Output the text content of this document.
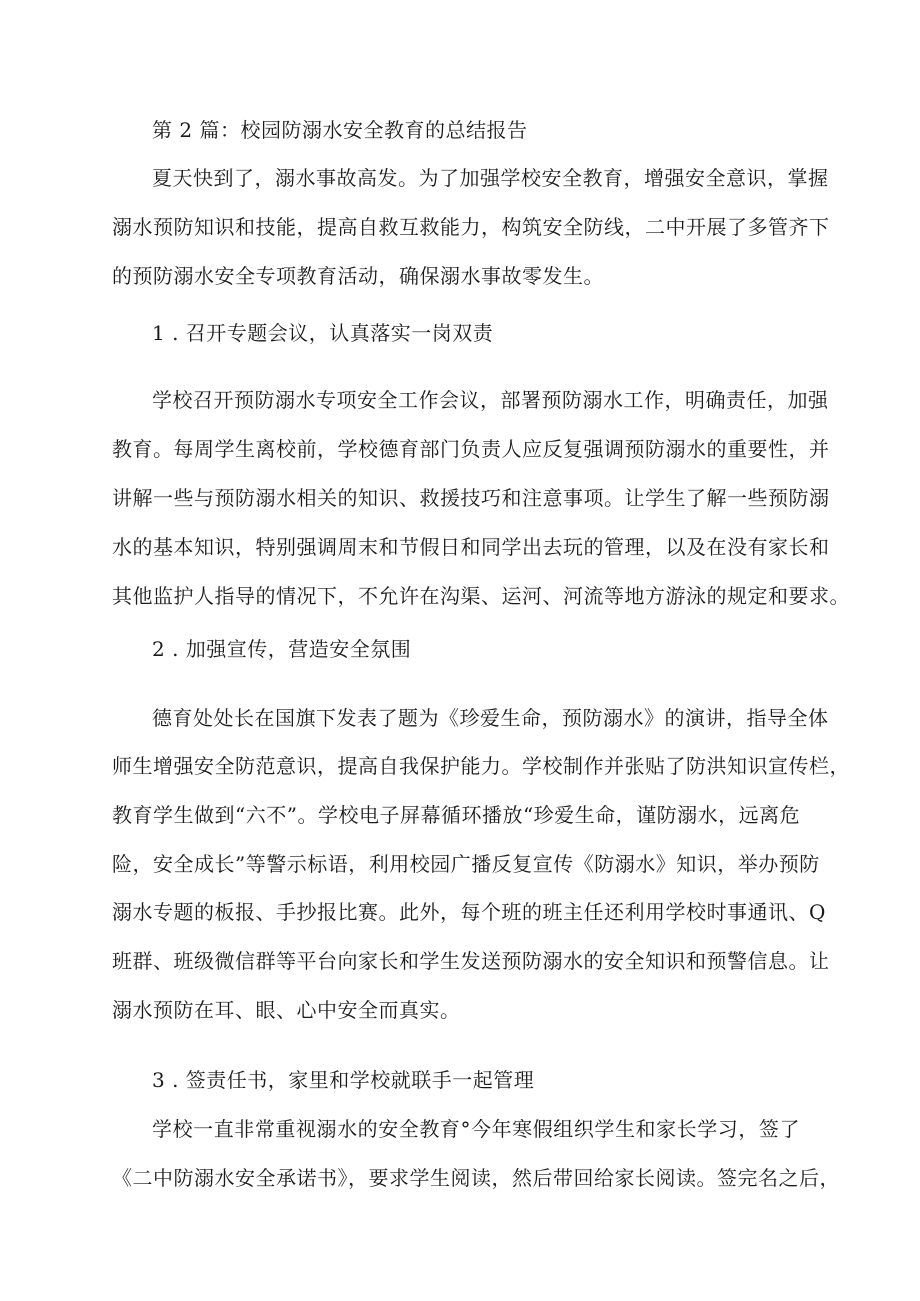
第 2 篇：校园防溺水安全教育的总结报告
夏天快到了，溺水事故高发。为了加强学校安全教育，增强安全意识，掌握
溺水预防知识和技能，提高自救互救能力，构筑安全防线，二中开展了多管齐下
的预防溺水安全专项教育活动，确保溺水事故零发生。
1 . 召开专题会议，认真落实一岗双责
学校召开预防溺水专项安全工作会议，部署预防溺水工作，明确责任，加强
教育。每周学生离校前，学校德育部门负责人应反复强调预防溺水的重要性，并
讲解一些与预防溺水相关的知识、救援技巧和注意事项。让学生了解一些预防溺
水的基本知识，特别强调周末和节假日和同学出去玩的管理，以及在没有家长和
其他监护人指导的情况下，不允许在沟渠、运河、河流等地方游泳的规定和要求。
2 . 加强宣传，营造安全氛围
德育处处长在国旗下发表了题为《珍爱生命，预防溺水》的演讲，指导全体
师生增强安全防范意识，提高自我保护能力。学校制作并张贴了防洪知识宣传栏，
教育学生做到“六不”。学校电子屏幕循环播放“珍爱生命，谨防溺水，远离危
险，安全成长”等警示标语，利用校园广播反复宣传《防溺水》知识，举办预防
溺水专题的板报、手抄报比赛。此外，每个班的班主任还利用学校时事通讯、Q
班群、班级微信群等平台向家长和学生发送预防溺水的安全知识和预警信息。让
溺水预防在耳、眼、心中安全而真实。
3 . 签责任书，家里和学校就联手一起管理
学校一直非常重视溺水的安全教育°今年寒假组织学生和家长学习，签了
《二中防溺水安全承诺书》，要求学生阅读，然后带回给家长阅读。签完名之后，
